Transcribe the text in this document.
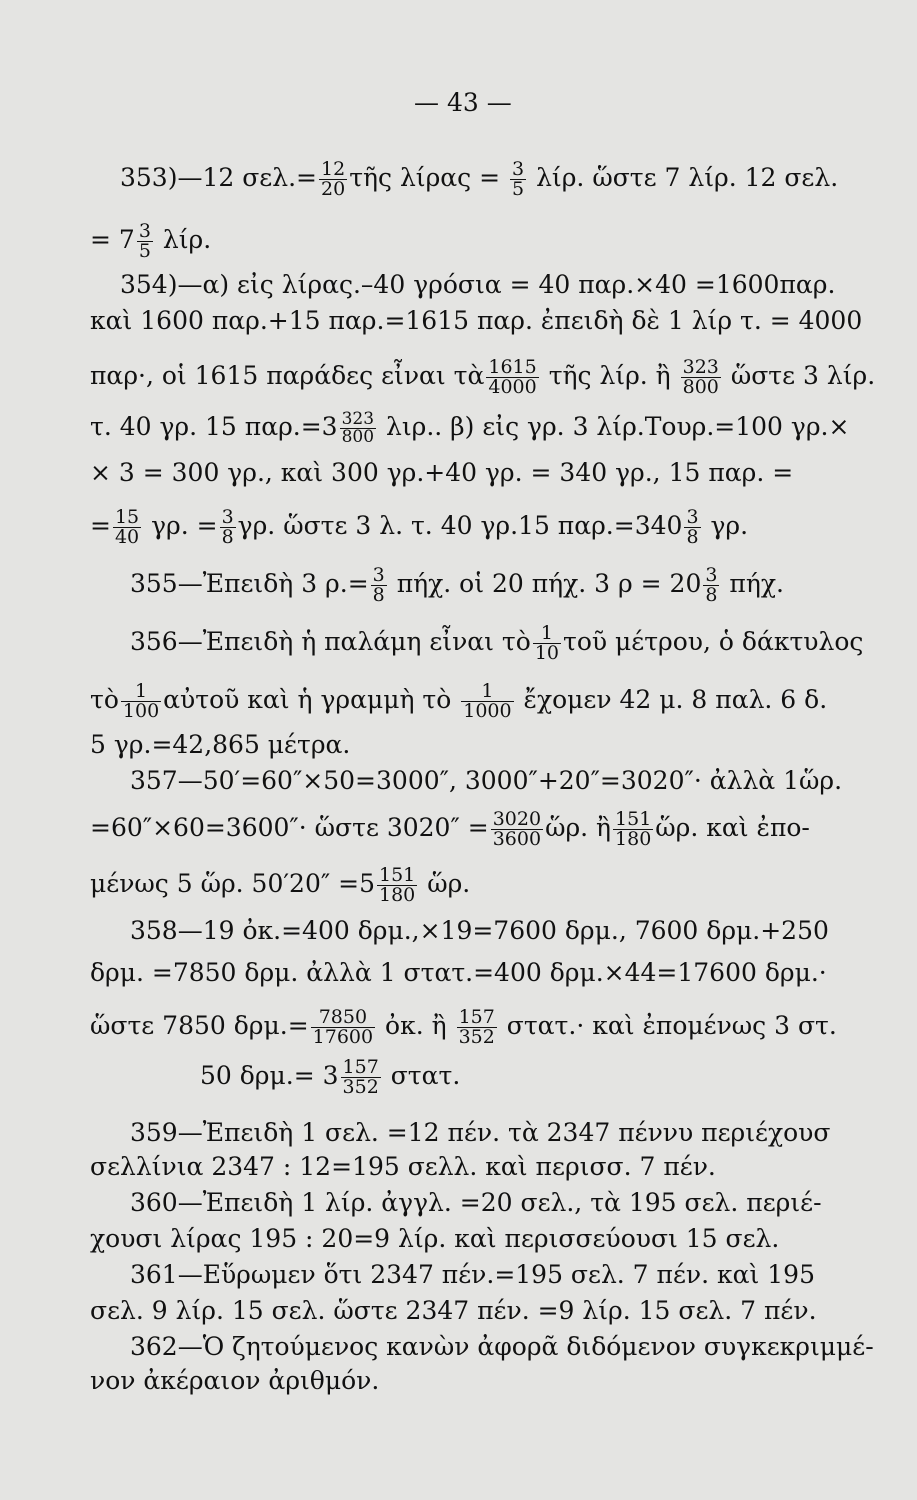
— 43 —
353)—12 $\sigma\varepsilon\lambda.= \frac{12}{20}$ τῆς $\lambda ί\rho\alpha\varsigma = \frac{3}{5} \lambda ί\rho$. ὥστε 7 λίρ. 12 σελ.
= $7 \frac{3}{5} \lambda ί\rho$.
354)—α) εἰς λίρας.–40 γρόσια = 40 παρ.×40 =1600παρ.
καὶ 1600 παρ.+15 παρ.=1615 παρ. ἐπειδὴ δὲ 1 λίρ τ. = 4000
παρ·, οἱ 1615 παράδες εἶναι τὰ $\frac{1615}{4000}$ τῆς λίρ. ἢ $\frac{323}{800}$ ὥστε 3 λίρ.
τ. 40 γρ. 15 $\pi\alpha\rho.=3 \frac{323}{800} \lambda\iota\rho$.. β) εἰς γρ. 3 λίρ.Τουρ.=100 γρ.×
× 3 = 300 γρ., καὶ 300 γρ.+40 γρ. = 340 γρ., 15 παρ. =
= $\frac{15}{40} \gamma\rho$. = $\frac{3}{8} \gamma\rho$. ὥστε 3 λ. τ. 40 γρ.15 $\pi\alpha\rho.=340 \frac{3}{8} \gamma\rho$.
355—Ἐπειδὴ 3 $\rho.= \frac{3}{8} \pi ή\chi$. οἱ 20 πήχ. 3 $\rho = 20 \frac{3}{8} \pi ή\chi$.
356—Ἐπειδὴ ἡ παλάμη εἶναι τὸ $\frac{1}{10}$ τοῦ μέτρου, ὁ δάκτυλος
τὸ $\frac{1}{100}$ αὐτοῦ καὶ ἡ γραμμὴ τὸ $\frac{1}{1000}$ ἔχομεν 42 μ. 8 παλ. 6 δ.
5 γρ.=42,865 μέτρα.
357—50′=60″×50=3000″, 3000″+20″=3020″· ἀλλὰ 1ὥρ.
=60″×60=3600″· ὥστε $3020'' = \frac{3020}{3600}$ ὥρ. ἢ $\frac{151}{180}$ ὥρ. καὶ ἐπο-
μένως 5 ὥρ. $50'20'' =5 \frac{151}{180}$ ὥρ.
358—19 ὀκ.=400 δρμ.,×19=7600 δρμ., 7600 δρμ.+250
δρμ. =7850 δρμ. ἀλλὰ 1 στατ.=400 δρμ.×44=17600 δρμ.·
ὥστε 7850 $\delta\rho\mu.= \frac{7850}{17600}$ ὀκ. ἢ $\frac{157}{352} \sigma\tau\alpha\tau.\cdot$ καὶ ἐπομένως 3 στ.
50 $\delta\rho\mu.= 3 \frac{157}{352} \sigma\tau\alpha\tau$.
359—Ἐπειδὴ 1 σελ. =12 πέν. τὰ 2347 πέννυ περιέχουσ
σελλίνια 2347 : 12=195 σελλ. καὶ περισσ. 7 πέν.
360—Ἐπειδὴ 1 λίρ. ἀγγλ. =20 σελ., τὰ 195 σελ. περιέ-
χουσι λίρας 195 : 20=9 λίρ. καὶ περισσεύουσι 15 σελ.
361—Εὕρωμεν ὅτι 2347 πέν.=195 σελ. 7 πέν. καὶ 195
σελ. 9 λίρ. 15 σελ. ὥστε 2347 πέν. =9 λίρ. 15 σελ. 7 πέν.
362—Ὁ ζητούμενος κανὼν ἀφορᾶ διδόμενον συγκεκριμμέ-
νον ἀκέραιον ἀριθμόν.
